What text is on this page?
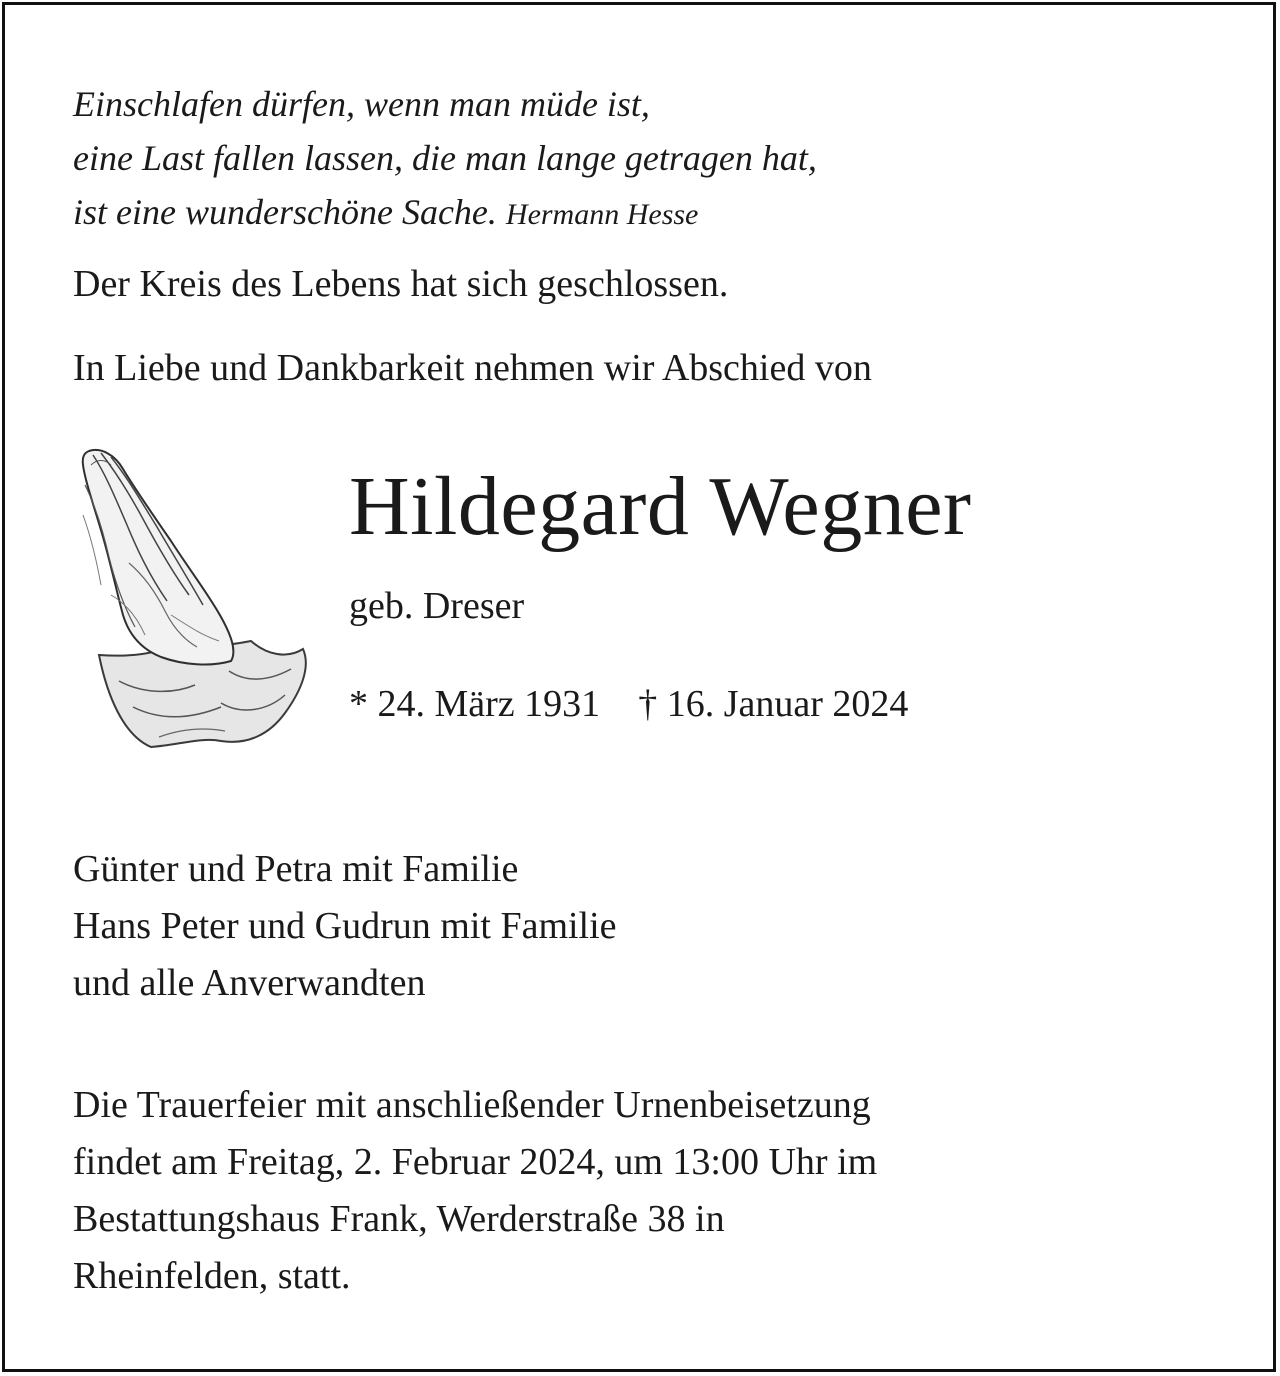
Einschlafen dürfen, wenn man müde ist,
eine Last fallen lassen, die man lange getragen hat,
ist eine wunderschöne Sache. Hermann Hesse
Der Kreis des Lebens hat sich geschlossen.
In Liebe und Dankbarkeit nehmen wir Abschied von
Hildegard Wegner
geb. Dreser
* 24. März 1931 † 16. Januar 2024
Günter und Petra mit Familie
Hans Peter und Gudrun mit Familie
und alle Anverwandten
Die Trauerfeier mit anschließender Urnenbeisetzung
findet am Freitag, 2. Februar 2024, um 13:00 Uhr im
Bestattungshaus Frank, Werderstraße 38 in
Rheinfelden, statt.
